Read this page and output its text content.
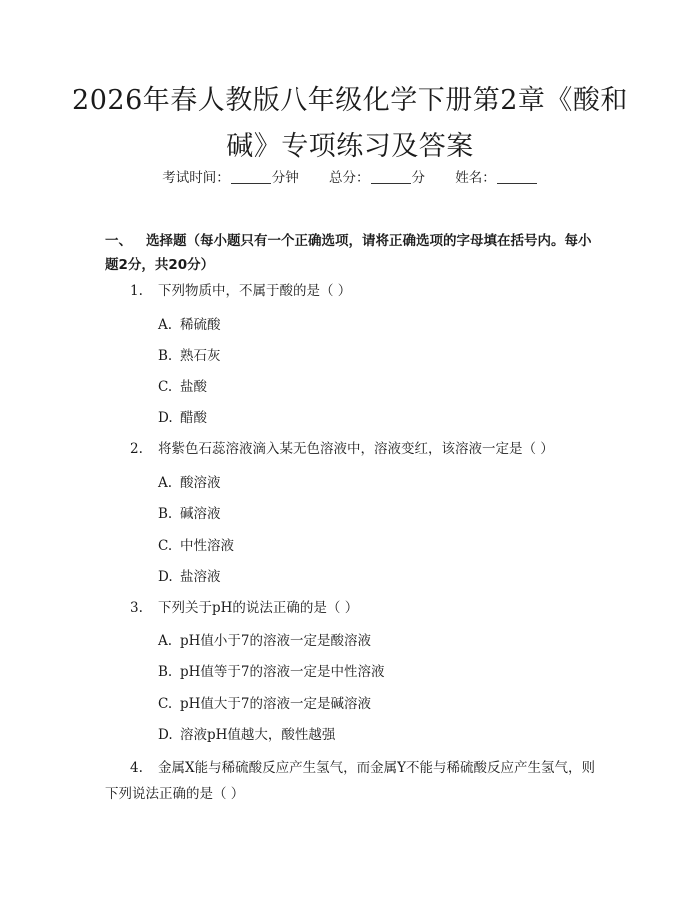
2026年春人教版八年级化学下册第2章《酸和碱》专项练习及答案
考试时间：	分钟 总分：	分 姓名：
一、 选择题（每小题只有一个正确选项，请将正确选项的字母填在括号内。每小题2分，共20分）
1. 下列物质中，不属于酸的是（ ）
A. 稀硫酸
B. 熟石灰
C. 盐酸
D. 醋酸
2. 将紫色石蕊溶液滴入某无色溶液中，溶液变红，该溶液一定是（ ）
A. 酸溶液
B. 碱溶液
C. 中性溶液
D. 盐溶液
3. 下列关于pH的说法正确的是（ ）
A. pH值小于7的溶液一定是酸溶液
B. pH值等于7的溶液一定是中性溶液
C. pH值大于7的溶液一定是碱溶液
D. 溶液pH值越大，酸性越强
4. 金属X能与稀硫酸反应产生氢气，而金属Y不能与稀硫酸反应产生氢气，则下列说法正确的是（ ）
